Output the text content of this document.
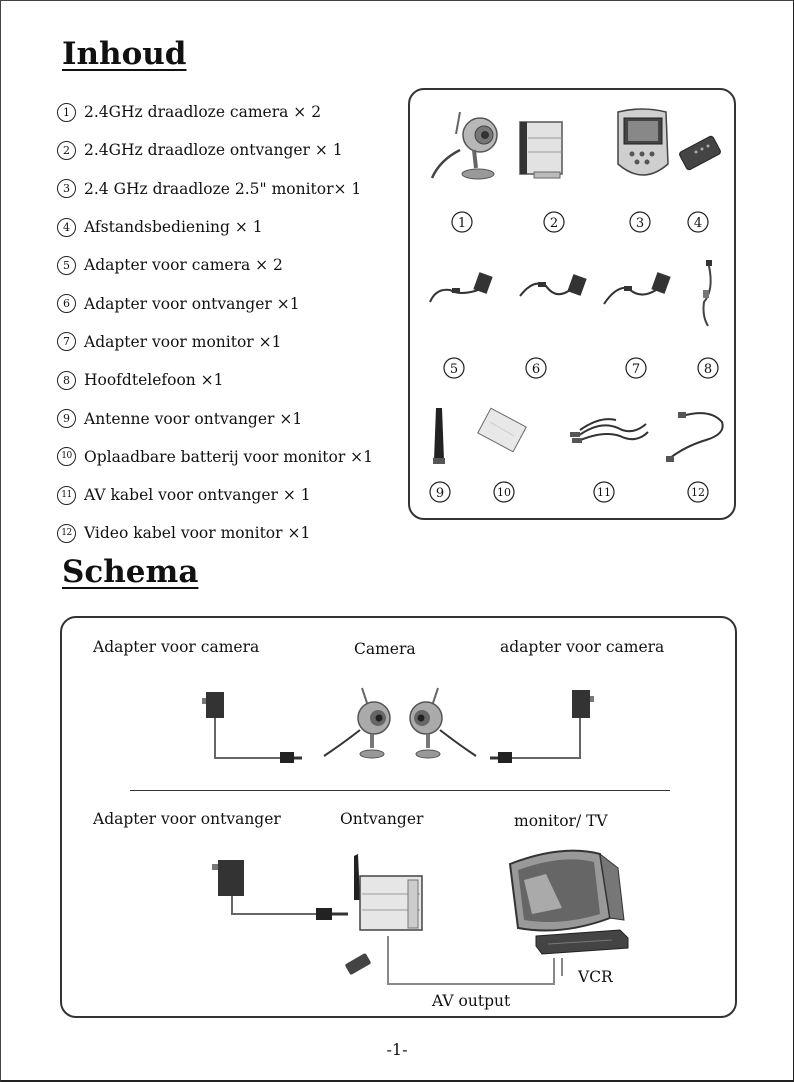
Inhoud
1 2.4GHz draadloze camera × 2
2 2.4GHz draadloze ontvanger × 1
3 2.4 GHz draadloze 2.5" monitor× 1
4 Afstandsbediening × 1
5 Adapter voor camera × 2
6 Adapter voor ontvanger ×1
7 Adapter voor monitor ×1
8 Hoofdtelefoon ×1
9 Antenne voor ontvanger ×1
10 Oplaadbare batterij voor monitor ×1
11 AV kabel voor ontvanger × 1
12 Video kabel voor monitor ×1
1	2	3	4
5	6	7	8
9	10	11	12
Schema
Adapter voor camera	Camera	adapter voor camera
Adapter voor ontvanger	Ontvanger	monitor/ TV
VCR
AV output
-1-
